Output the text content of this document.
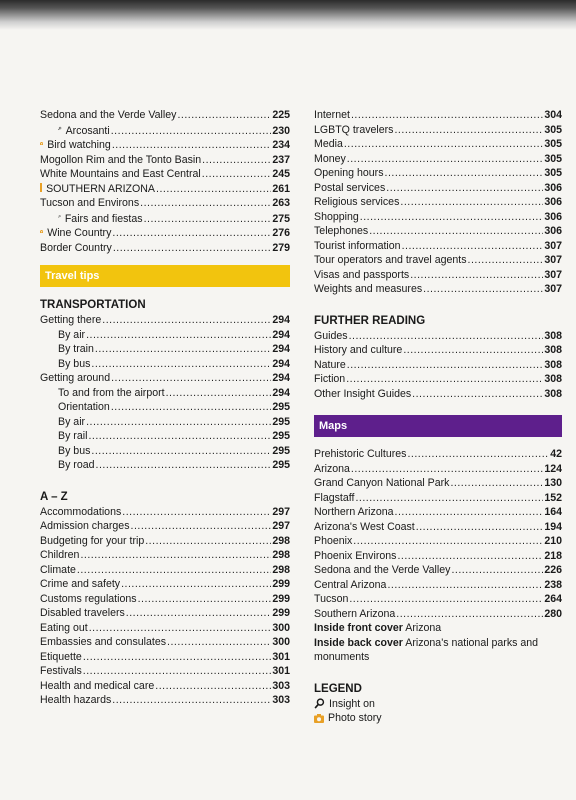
Sedona and the Verde Valley .....	225
Arcosanti .....	230
Bird watching .....	234
Mogollon Rim and the Tonto Basin .....	237
White Mountains and East Central .....	245
SOUTHERN ARIZONA .....	261
Tucson and Environs .....	263
Fairs and fiestas .....	275
Wine Country .....	276
Border Country .....	279
Travel tips
TRANSPORTATION
Getting there .....	294
By air .....	294
By train .....	294
By bus .....	294
Getting around .....	294
To and from the airport .....	294
Orientation .....	295
By air .....	295
By rail .....	295
By bus .....	295
By road .....	295
A – Z
Accommodations .....	297
Admission charges .....	297
Budgeting for your trip .....	298
Children .....	298
Climate .....	298
Crime and safety .....	299
Customs regulations .....	299
Disabled travelers .....	299
Eating out .....	300
Embassies and consulates .....	300
Etiquette .....	301
Festivals .....	301
Health and medical care .....	303
Health hazards .....	303
Internet .....	304
LGBTQ travelers .....	305
Media .....	305
Money .....	305
Opening hours .....	305
Postal services .....	306
Religious services .....	306
Shopping .....	306
Telephones .....	306
Tourist information .....	307
Tour operators and travel agents .....	307
Visas and passports .....	307
Weights and measures .....	307
FURTHER READING
Guides .....	308
History and culture .....	308
Nature .....	308
Fiction .....	308
Other Insight Guides .....	308
Maps
Prehistoric Cultures .....	42
Arizona .....	124
Grand Canyon National Park .....	130
Flagstaff .....	152
Northern Arizona .....	164
Arizona's West Coast .....	194
Phoenix .....	210
Phoenix Environs .....	218
Sedona and the Verde Valley .....	226
Central Arizona .....	238
Tucson .....	264
Southern Arizona .....	280
Inside front cover Arizona
Inside back cover Arizona's national parks and monuments
LEGEND
Insight on
Photo story
